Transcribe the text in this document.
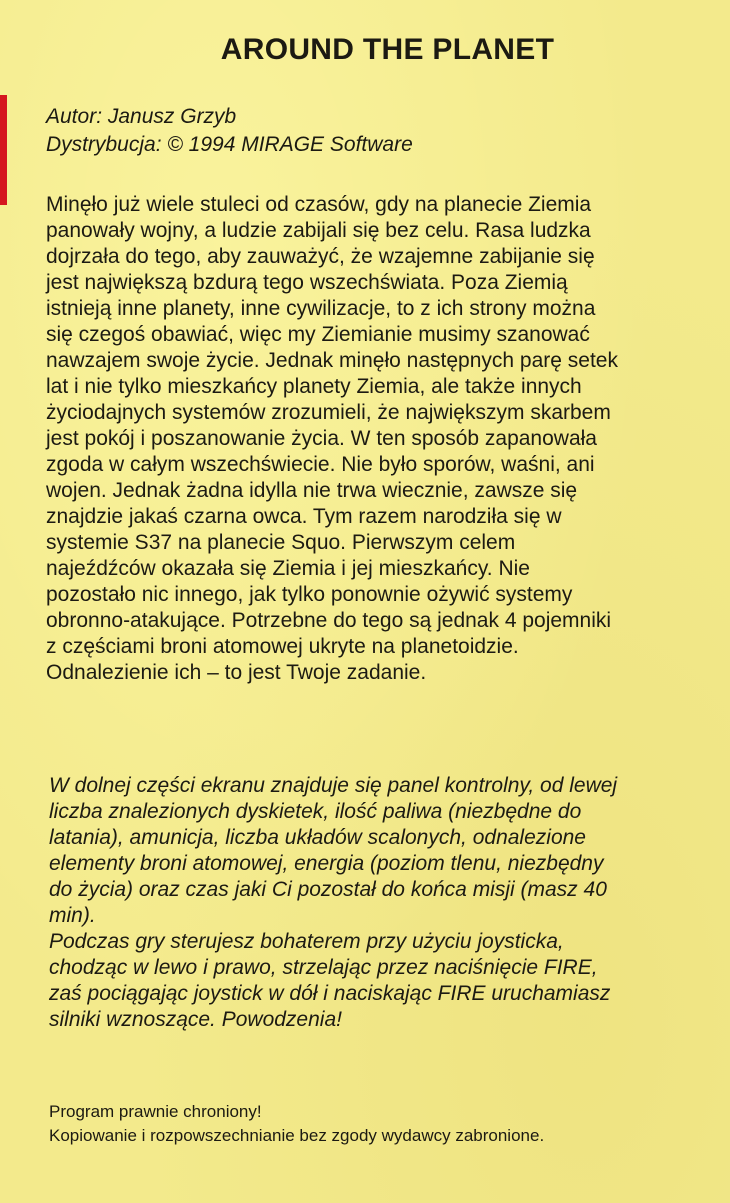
AROUND THE PLANET
Autor: Janusz Grzyb
Dystrybucja: © 1994 MIRAGE Software

Minęło już wiele stuleci od czasów, gdy na planecie Ziemia
panowały wojny, a ludzie zabijali się bez celu. Rasa ludzka
dojrzała do tego, aby zauważyć, że wzajemne zabijanie się
jest największą bzdurą tego wszechświata. Poza Ziemią
istnieją inne planety, inne cywilizacje, to z ich strony można
się czegoś obawiać, więc my Ziemianie musimy szanować
nawzajem swoje życie. Jednak minęło następnych parę setek
lat i nie tylko mieszkańcy planety Ziemia, ale także innych
życiodajnych systemów zrozumieli, że największym skarbem
jest pokój i poszanowanie życia. W ten sposób zapanowała
zgoda w całym wszechświecie. Nie było sporów, waśni, ani
wojen. Jednak żadna idylla nie trwa wiecznie, zawsze się
znajdzie jakaś czarna owca. Tym razem narodziła się w
systemie S37 na planecie Squo. Pierwszym celem
najeźdźców okazała się Ziemia i jej mieszkańcy. Nie
pozostało nic innego, jak tylko ponownie ożywić systemy
obronno-atakujące. Potrzebne do tego są jednak 4 pojemniki
z częściami broni atomowej ukryte na planetoidzie.
Odnalezienie ich – to jest Twoje zadanie.

W dolnej części ekranu znajduje się panel kontrolny, od lewej
liczba znalezionych dyskietek, ilość paliwa (niezbędne do
latania), amunicja, liczba układów scalonych, odnalezione
elementy broni atomowej, energia (poziom tlenu, niezbędny
do życia) oraz czas jaki Ci pozostał do końca misji (masz 40
min).
Podczas gry sterujesz bohaterem przy użyciu joysticka,
chodząc w lewo i prawo, strzelając przez naciśnięcie FIRE,
zaś pociągając joystick w dół i naciskając FIRE uruchamiasz
silniki wznoszące. Powodzenia!

Program prawnie chroniony!
Kopiowanie i rozpowszechnianie bez zgody wydawcy zabronione.
